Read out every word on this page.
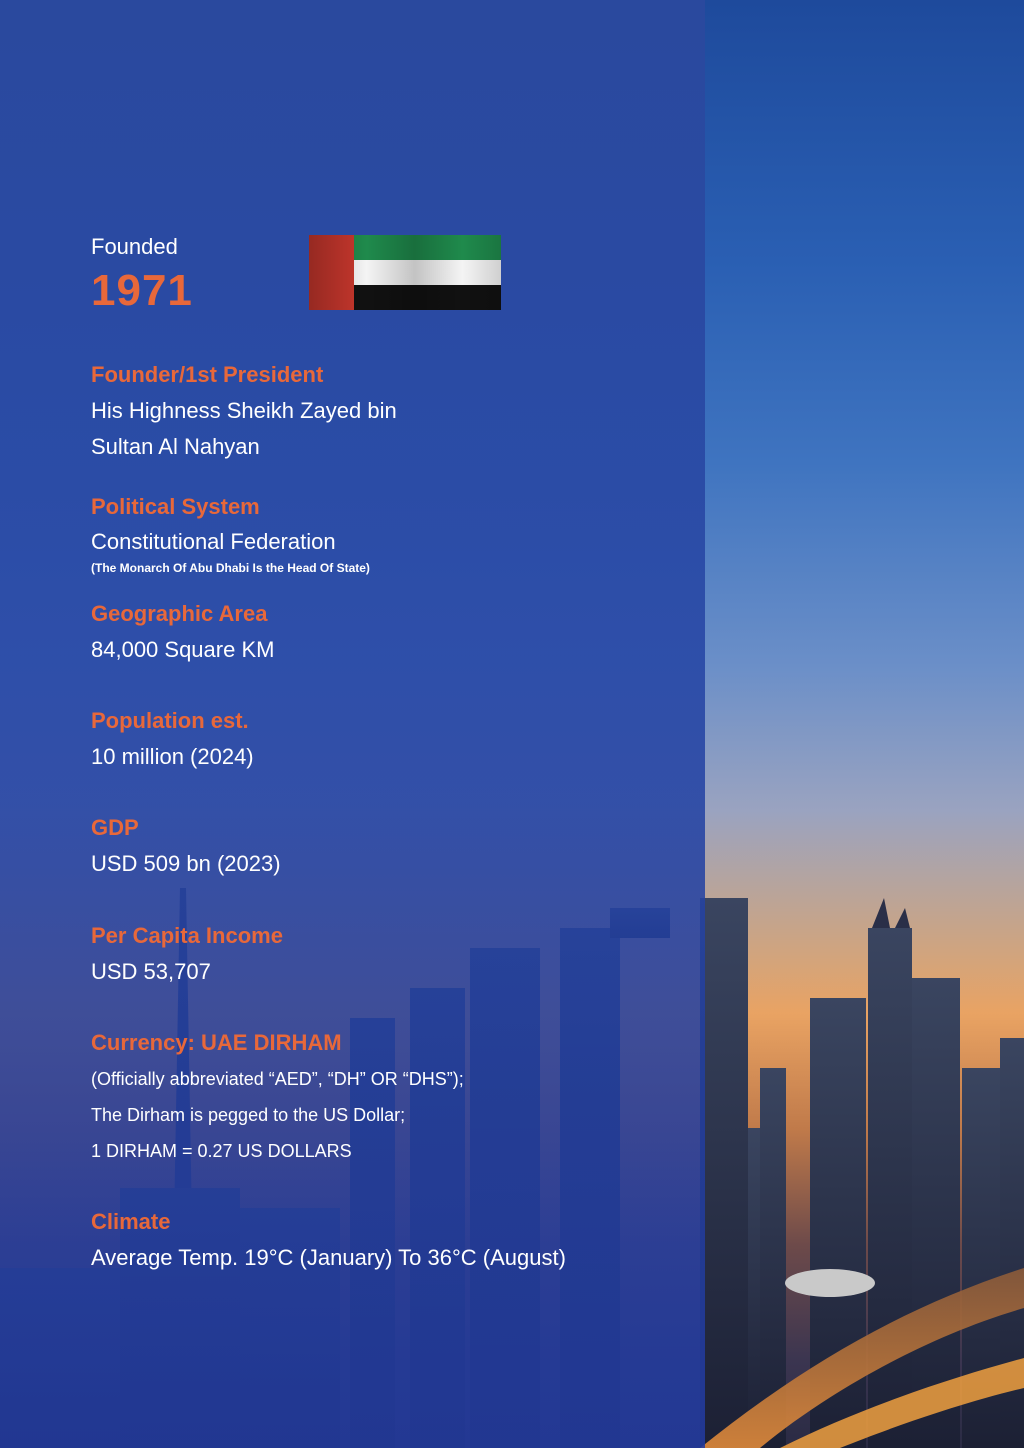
Founded
1971
Founder/1st President
His Highness Sheikh Zayed bin
Sultan Al Nahyan
Political System
Constitutional Federation
(The Monarch Of Abu Dhabi Is the Head Of State)
Geographic Area
84,000 Square KM
Population est.
10 million (2024)
GDP
USD 509 bn (2023)
Per Capita Income
USD 53,707
Currency: UAE DIRHAM
(Officially abbreviated “AED”, “DH” OR “DHS”);
The Dirham is pegged to the US Dollar;
1 DIRHAM = 0.27 US DOLLARS
Climate
Average Temp. 19°C (January) To 36°C (August)
